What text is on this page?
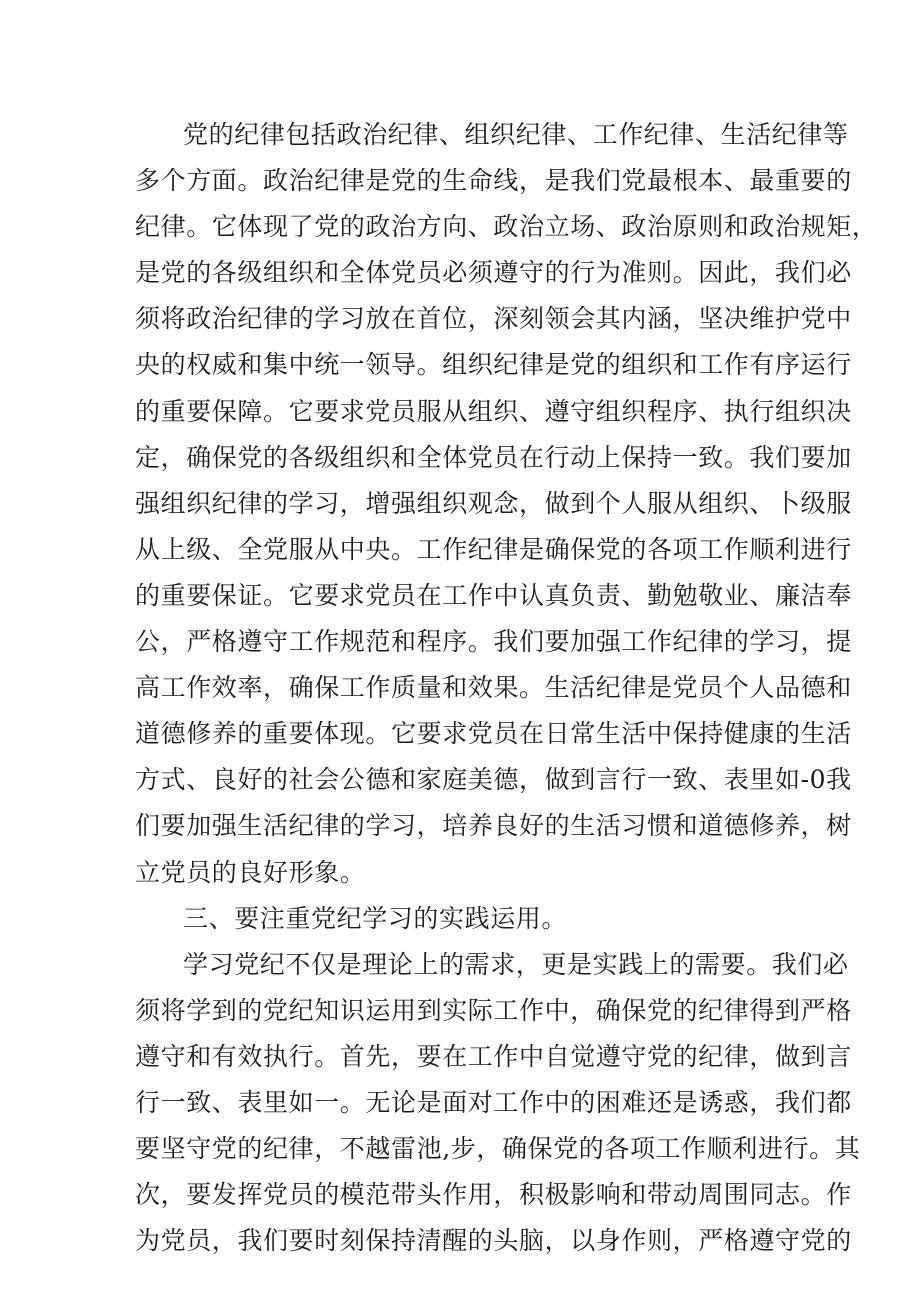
党的纪律包括政治纪律、组织纪律、工作纪律、生活纪律等
多个方面。政治纪律是党的生命线，是我们党最根本、最重要的
纪律。它体现了党的政治方向、政治立场、政治原则和政治规矩，
是党的各级组织和全体党员必须遵守的行为准则。因此，我们必
须将政治纪律的学习放在首位，深刻领会其内涵，坚决维护党中
央的权威和集中统一领导。组织纪律是党的组织和工作有序运行
的重要保障。它要求党员服从组织、遵守组织程序、执行组织决
定，确保党的各级组织和全体党员在行动上保持一致。我们要加
强组织纪律的学习，增强组织观念，做到个人服从组织、卜级服
从上级、全党服从中央。工作纪律是确保党的各项工作顺利进行
的重要保证。它要求党员在工作中认真负责、勤勉敬业、廉洁奉
公，严格遵守工作规范和程序。我们要加强工作纪律的学习，提
高工作效率，确保工作质量和效果。生活纪律是党员个人品德和
道德修养的重要体现。它要求党员在日常生活中保持健康的生活
方式、良好的社会公德和家庭美德，做到言行一致、表里如-0我
们要加强生活纪律的学习，培养良好的生活习惯和道德修养，树
立党员的良好形象。
三、要注重党纪学习的实践运用。
学习党纪不仅是理论上的需求，更是实践上的需要。我们必
须将学到的党纪知识运用到实际工作中，确保党的纪律得到严格
遵守和有效执行。首先，要在工作中自觉遵守党的纪律，做到言
行一致、表里如一。无论是面对工作中的困难还是诱惑，我们都
要坚守党的纪律，不越雷池,步，确保党的各项工作顺利进行。其
次，要发挥党员的模范带头作用，积极影响和带动周围同志。作
为党员，我们要时刻保持清醒的头脑，以身作则，严格遵守党的
